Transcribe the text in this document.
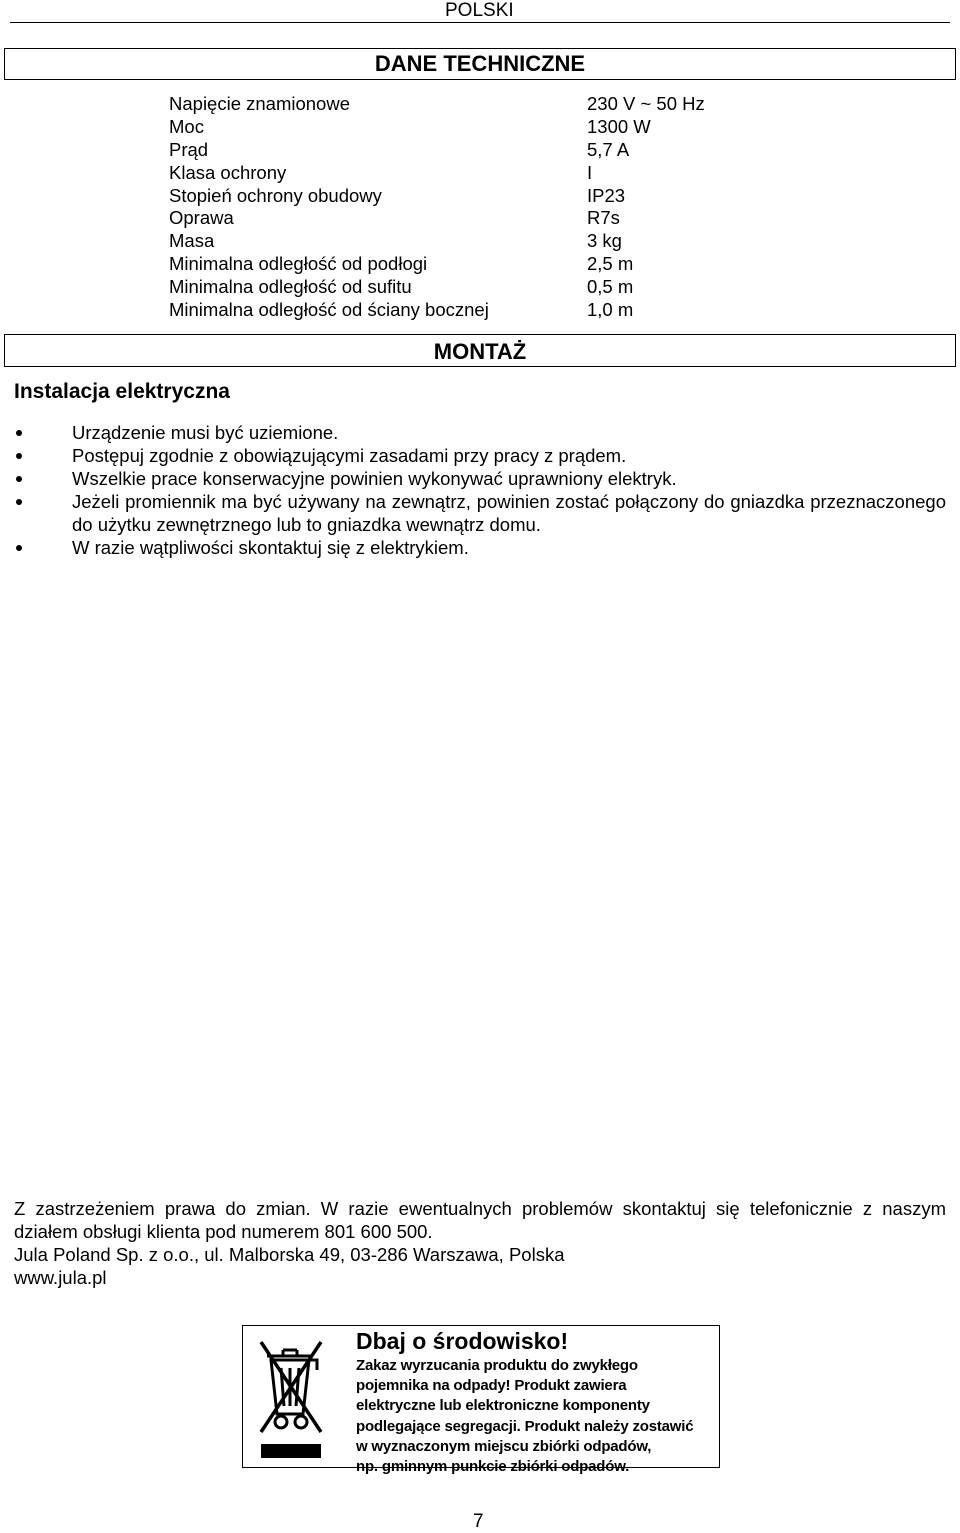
POLSKI
DANE TECHNICZNE
Napięcie znamionowe	230 V ~ 50 Hz
Moc	1300 W
Prąd	5,7 A
Klasa ochrony	I
Stopień ochrony obudowy	IP23
Oprawa	R7s
Masa	3 kg
Minimalna odległość od podłogi	2,5 m
Minimalna odległość od sufitu	0,5 m
Minimalna odległość od ściany bocznej	1,0 m
MONTAŻ
Instalacja elektryczna
Urządzenie musi być uziemione.
Postępuj zgodnie z obowiązującymi zasadami przy pracy z prądem.
Wszelkie prace konserwacyjne powinien wykonywać uprawniony elektryk.
Jeżeli promiennik ma być używany na zewnątrz, powinien zostać połączony do gniazdka przeznaczonego do użytku zewnętrznego lub to gniazdka wewnątrz domu.
W razie wątpliwości skontaktuj się z elektrykiem.

Z zastrzeżeniem prawa do zmian. W razie ewentualnych problemów skontaktuj się telefonicznie z naszym działem obsługi klienta pod numerem 801 600 500.

Jula Poland Sp. z o.o., ul. Malborska 49, 03-286 Warszawa, Polska

www.jula.pl

Dbaj o środowisko!
Zakaz wyrzucania produktu do zwykłego
pojemnika na odpady! Produkt zawiera
elektryczne lub elektroniczne komponenty
podlegające segregacji. Produkt należy zostawić
w wyznaczonym miejscu zbiórki odpadów,
np. gminnym punkcie zbiórki odpadów.
7
